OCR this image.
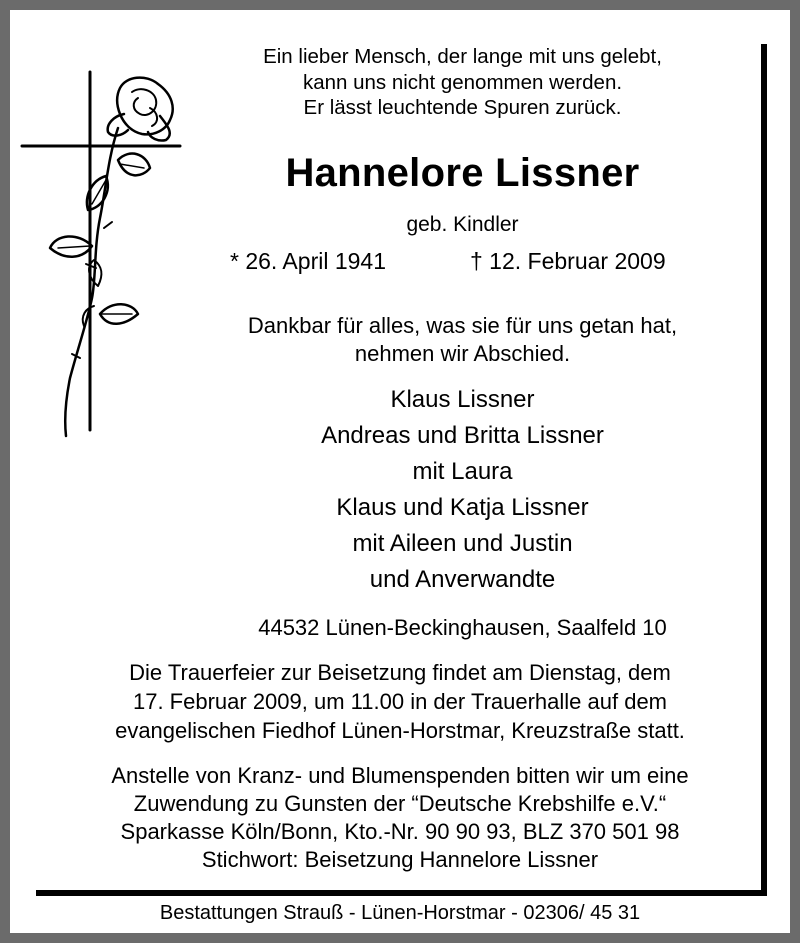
Ein lieber Mensch, der lange mit uns gelebt,
kann uns nicht genommen werden.
Er lässt leuchtende Spuren zurück.
Hannelore Lissner
geb. Kindler
* 26. April 1941	† 12. Februar 2009
Dankbar für alles, was sie für uns getan hat,
nehmen wir Abschied.
Klaus Lissner
Andreas und Britta Lissner
mit Laura
Klaus und Katja Lissner
mit Aileen und Justin
und Anverwandte
44532 Lünen-Beckinghausen, Saalfeld 10
Die Trauerfeier zur Beisetzung findet am Dienstag, dem
17. Februar 2009, um 11.00 in der Trauerhalle auf dem
evangelischen Fiedhof Lünen-Horstmar, Kreuzstraße statt.
Anstelle von Kranz- und Blumenspenden bitten wir um eine
Zuwendung zu Gunsten der “Deutsche Krebshilfe e.V.“
Sparkasse Köln/Bonn, Kto.-Nr. 90 90 93, BLZ 370 501 98
Stichwort: Beisetzung Hannelore Lissner
Bestattungen Strauß - Lünen-Horstmar - 02306/ 45 31
